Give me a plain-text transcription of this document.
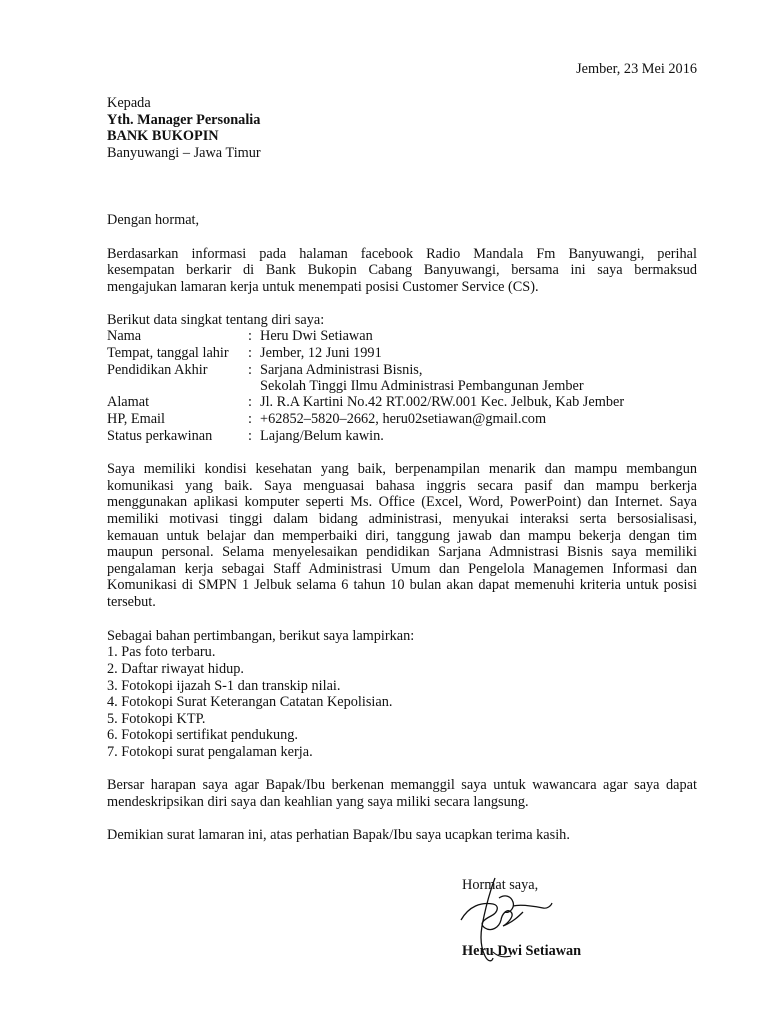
Jember, 23 Mei 2016
Kepada
Yth. Manager Personalia
BANK BUKOPIN
Banyuwangi – Jawa Timur
Dengan hormat,
Berdasarkan informasi pada halaman facebook Radio Mandala Fm Banyuwangi, perihal
kesempatan berkarir di Bank Bukopin Cabang Banyuwangi, bersama ini saya bermaksud
mengajukan lamaran kerja untuk menempati posisi Customer Service (CS).
Berikut data singkat tentang diri saya:
Nama	: Heru Dwi Setiawan
Tempat, tanggal lahir : Jember, 12 Juni 1991
Pendidikan Akhir	: Sarjana Administrasi Bisnis,
Sekolah Tinggi Ilmu Administrasi Pembangunan Jember
Alamat	: Jl. R.A Kartini No.42 RT.002/RW.001 Kec. Jelbuk, Kab Jember
HP, Email	: +62852–5820–2662, heru02setiawan@gmail.com
Status perkawinan	: Lajang/Belum kawin.
Saya memiliki kondisi kesehatan yang baik, berpenampilan menarik dan mampu membangun
komunikasi yang baik. Saya menguasai bahasa inggris secara pasif dan mampu berkerja
menggunakan aplikasi komputer seperti Ms. Office (Excel, Word, PowerPoint) dan Internet. Saya
memiliki motivasi tinggi dalam bidang administrasi, menyukai interaksi serta bersosialisasi,
kemauan untuk belajar dan memperbaiki diri, tanggung jawab dan mampu bekerja dengan tim
maupun personal. Selama menyelesaikan pendidikan Sarjana Admnistrasi Bisnis saya memiliki
pengalaman kerja sebagai Staff Administrasi Umum dan Pengelola Managemen Informasi dan
Komunikasi di SMPN 1 Jelbuk selama 6 tahun 10 bulan akan dapat memenuhi kriteria untuk posisi
tersebut.
Sebagai bahan pertimbangan, berikut saya lampirkan:
1. Pas foto terbaru.
2. Daftar riwayat hidup.
3. Fotokopi ijazah S-1 dan transkip nilai.
4. Fotokopi Surat Keterangan Catatan Kepolisian.
5. Fotokopi KTP.
6. Fotokopi sertifikat pendukung.
7. Fotokopi surat pengalaman kerja.
Bersar harapan saya agar Bapak/Ibu berkenan memanggil saya untuk wawancara agar saya dapat
mendeskripsikan diri saya dan keahlian yang saya miliki secara langsung.
Demikian surat lamaran ini, atas perhatian Bapak/Ibu saya ucapkan terima kasih.
Hormat saya,
Heru Dwi Setiawan
